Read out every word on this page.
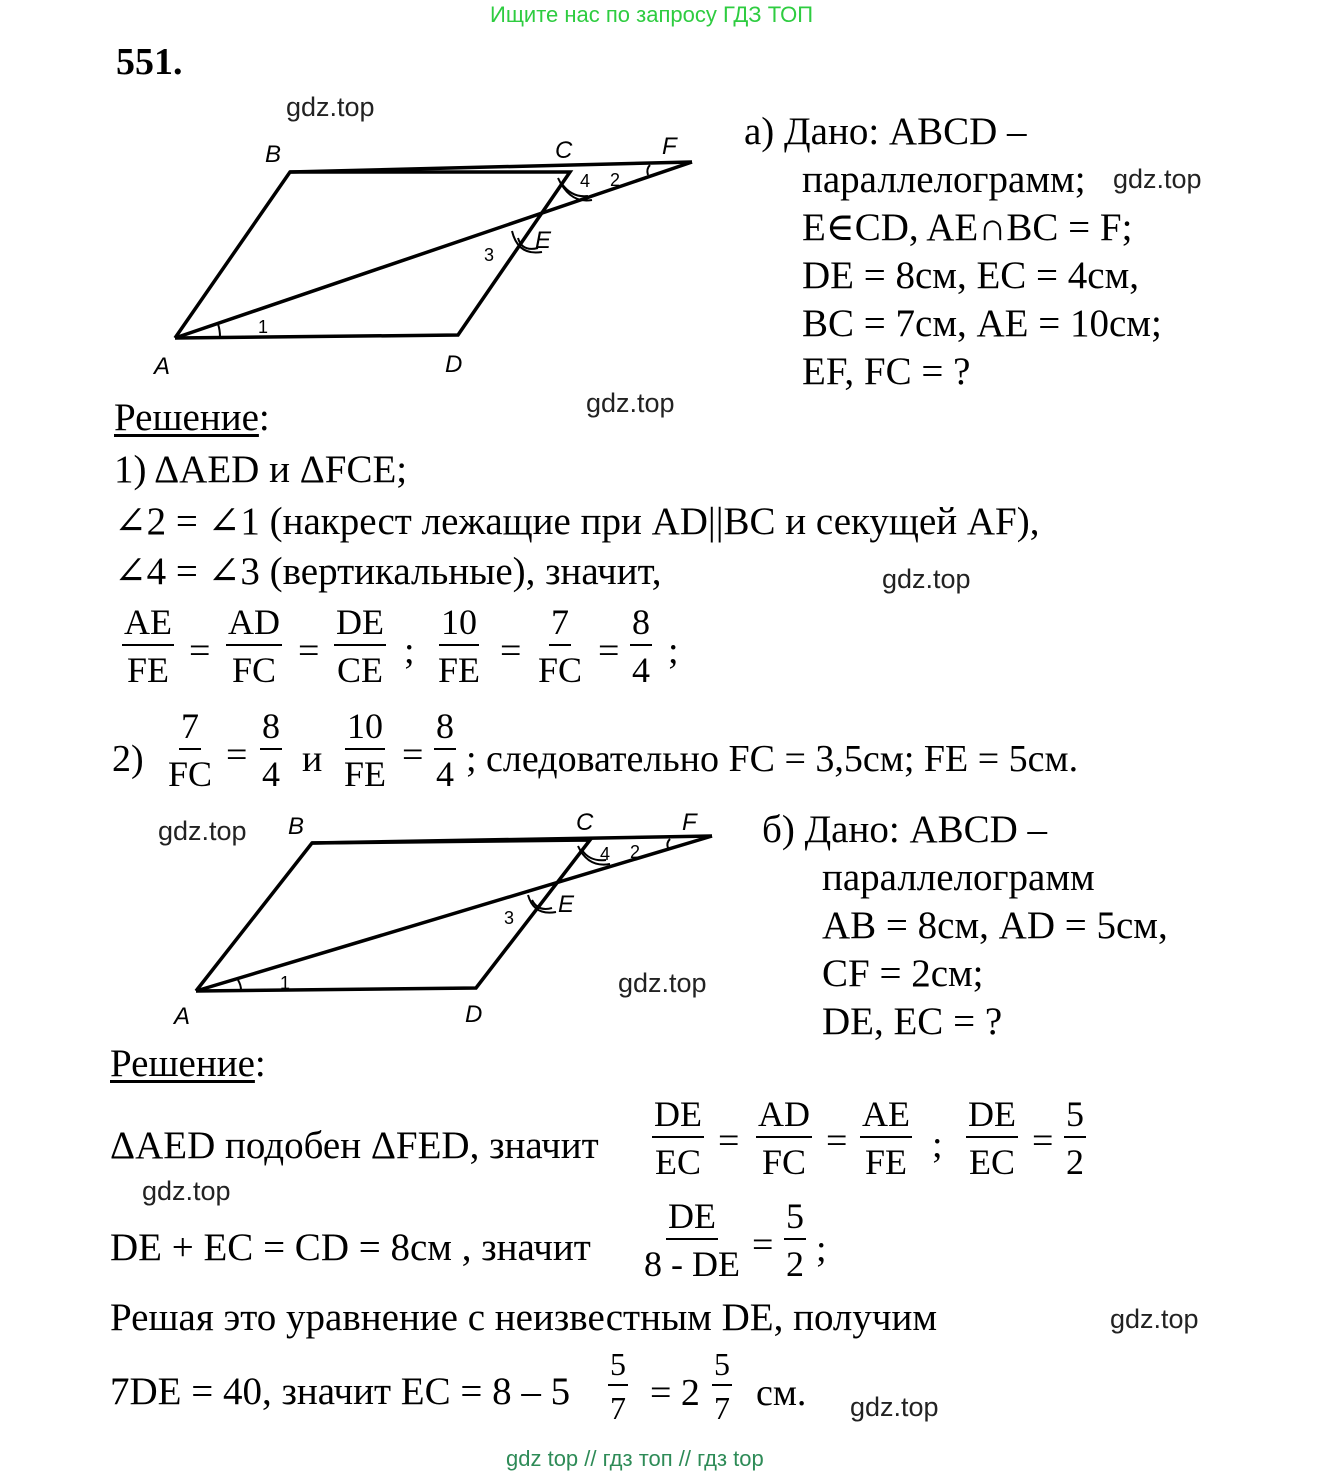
Ищите нас по запросу ГДЗ ТОП
551.
gdz.top
gdz.top
gdz.top
gdz.top
gdz.top
gdz.top
gdz.top
gdz.top
gdz.top
B	C	F
E
A	D
1
2
3
4
а) Дано: ABCD –
параллелограмм;
E∈CD, AE∩BC = F;
DE = 8см, EC = 4см,
BC = 7см, AE = 10см;
EF, FC = ?
Решение:
1) ΔAED и ΔFCE;
∠2 = ∠1 (накрест лежащие при AD||BC и секущей AF),
∠4 = ∠3 (вертикальные), значит,
$\frac{AE}{FE} = \frac{AD}{FC} = \frac{DE}{CE}$ ; $\frac{10}{FE} = \frac{7}{FC} = \frac{8}{4}$ ;
$2) \frac{7}{FC} = \frac{8}{4}$ и $\frac{10}{FE} = \frac{8}{4}$ ; следовательно FC = 3,5см; FE = 5см.
B	C	F
E
A	D
1
2
3
4
б) Дано: ABCD –
параллелограмм
AB = 8см, AD = 5см,
CF = 2см;
DE, EC = ?
Решение:
ΔAED подобен ΔFED, значит $\frac{DE}{EC} = \frac{AD}{FC} = \frac{AE}{FE}$ ; $\frac{DE}{EC} = \frac{5}{2}$
DE + EC = CD = 8см , значит $\frac{DE}{8 - DE} = \frac{5}{2}$ ;
Решая это уравнение с неизвестным DE, получим
7DE = 40, значит EC = $8 - 5 \frac{5}{7} = 2 \frac{5}{7}$ см.
gdz top // гдз топ // гдз top
